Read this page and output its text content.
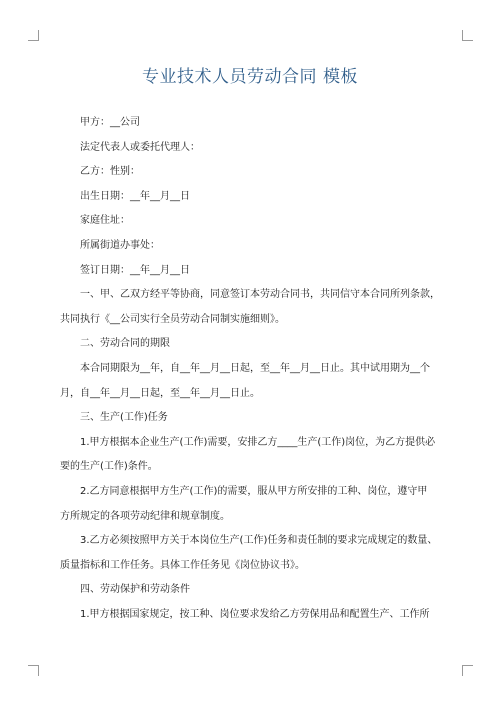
专业技术人员劳动合同 模板
甲方：__公司
法定代表人或委托代理人：
乙方：性别：
出生日期：__年__月__日
家庭住址：
所属街道办事处：
签订日期：__年__月__日
一、甲、乙双方经平等协商，同意签订本劳动合同书，共同信守本合同所列条款，
共同执行《__公司实行全员劳动合同制实施细则》。
二、劳动合同的期限
本合同期限为__年，自__年__月__日起，至__年__月__日止。其中试用期为__个
月，自__年__月__日起，至__年__月__日止。
三、生产(工作)任务
1.甲方根据本企业生产(工作)需要，安排乙方____生产(工作)岗位，为乙方提供必
要的生产(工作)条件。
2.乙方同意根据甲方生产(工作)的需要，服从甲方所安排的工种、岗位，遵守甲
方所规定的各项劳动纪律和规章制度。
3.乙方必须按照甲方关于本岗位生产(工作)任务和责任制的要求完成规定的数量、
质量指标和工作任务。具体工作任务见《岗位协议书》。
四、劳动保护和劳动条件
1.甲方根据国家规定，按工种、岗位要求发给乙方劳保用品和配置生产、工作所
